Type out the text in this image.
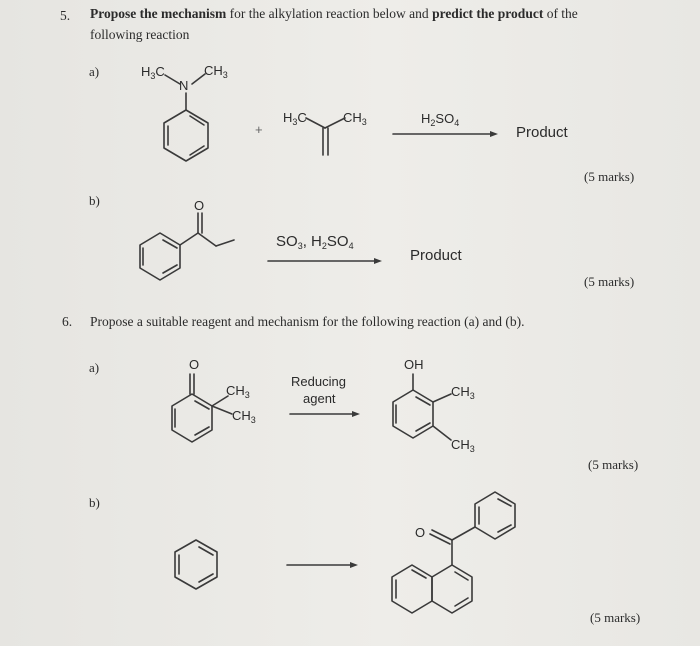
5. Propose the mechanism for the alkylation reaction below and predict the product of the
following reaction
a)
b)
$H_3C$
N
$CH_3$
+
$H_3C$	$CH_3$	$H_2SO_4$
Product
(5 marks)
O
$SO_3$, $H_2SO_4$
Product
(5 marks)
6. Propose a suitable reagent and mechanism for the following reaction (a) and (b).
a)
b)
O
$CH_3$
$CH_3$
Reducing
agent
OH
$CH_3$
$CH_3$
(5 marks)
O
(5 marks)
